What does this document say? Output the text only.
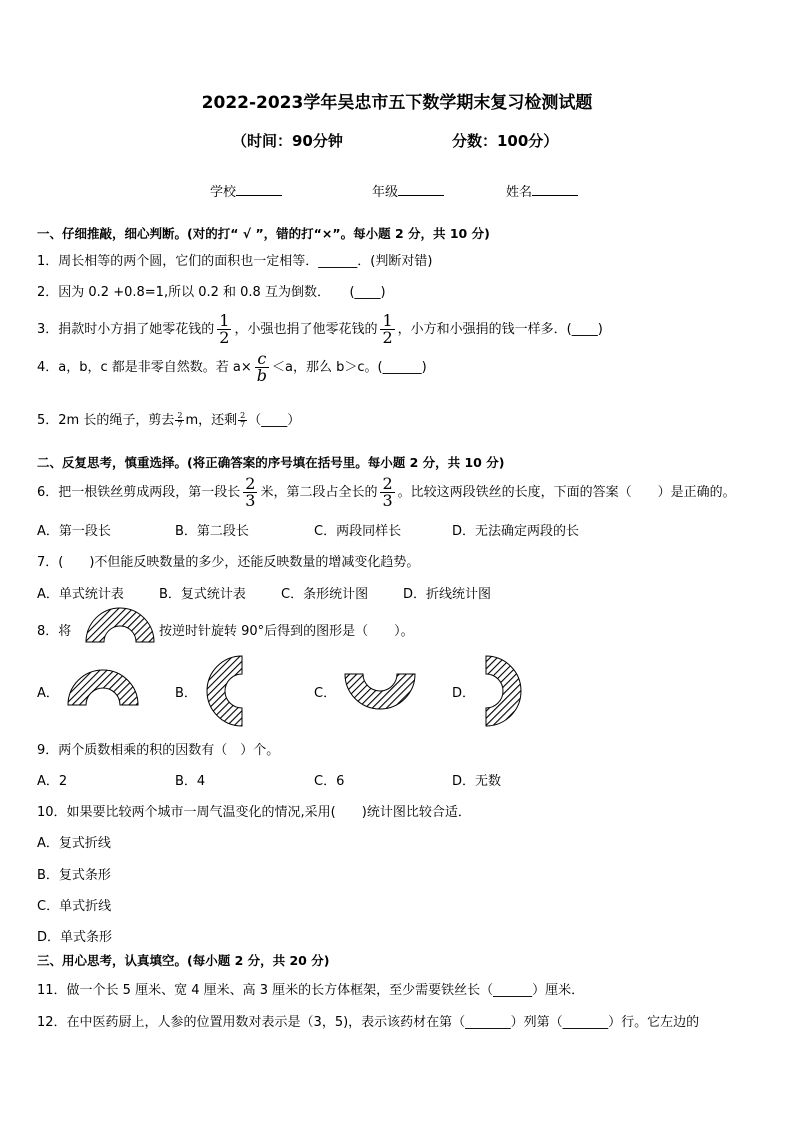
2022-2023学年吴忠市五下数学期末复习检测试题
（时间：90分钟	分数：100分）
学校	年级	姓名
一、仔细推敲，细心判断。(对的打“ √ ”，错的打“×”。每小题 2 分，共 10 分)
1．周长相等的两个圆，它们的面积也一定相等．______．(判断对错)
2．因为 0.2 +0.8=1,所以 0.2 和 0.8 互为倒数．　　(____)
3．捐款时小方捐了她零花钱的 $\frac{1}{2}$ ，小强也捐了他零花钱的 $\frac{1}{2}$ ，小方和小强捐的钱一样多．(____)
4．a，b，c 都是非零自然数。若 $a\times \frac{c}{b} <a$，那么 b＞c。(______)
5．2m 长的绳子，剪去 $\frac{2}{7}$ m，还剩 $\frac{2}{7}$ （____）
二、反复思考，慎重选择。(将正确答案的序号填在括号里。每小题 2 分，共 10 分)
6．把一根铁丝剪成两段，第一段长 $\frac{2}{3}$ 米，第二段占全长的 $\frac{2}{3}$ 。比较这两段铁丝的长度，下面的答案（　　）是正确的。
A．第一段长	B．第二段长	C．两段同样长	D．无法确定两段的长
7．(　　)不但能反映数量的多少，还能反映数量的增减变化趋势。
A．单式统计表	B．复式统计表	C．条形统计图	D．折线统计图
8．将	按逆时针旋转 90°后得到的图形是（　　）。
A．	B．	C．	D．
9．两个质数相乘的积的因数有（　）个。
A．2	B．4	C．6	D．无数
10．如果要比较两个城市一周气温变化的情况,采用(　　)统计图比较合适．
A．复式折线
B．复式条形
C．单式折线
D．单式条形
三、用心思考，认真填空。(每小题 2 分，共 20 分)
11．做一个长 5 厘米、宽 4 厘米、高 3 厘米的长方体框架，至少需要铁丝长（______）厘米．
12．在中医药厨上，人参的位置用数对表示是（3，5)，表示该药材在第（_______）列第（_______）行。它左边的
